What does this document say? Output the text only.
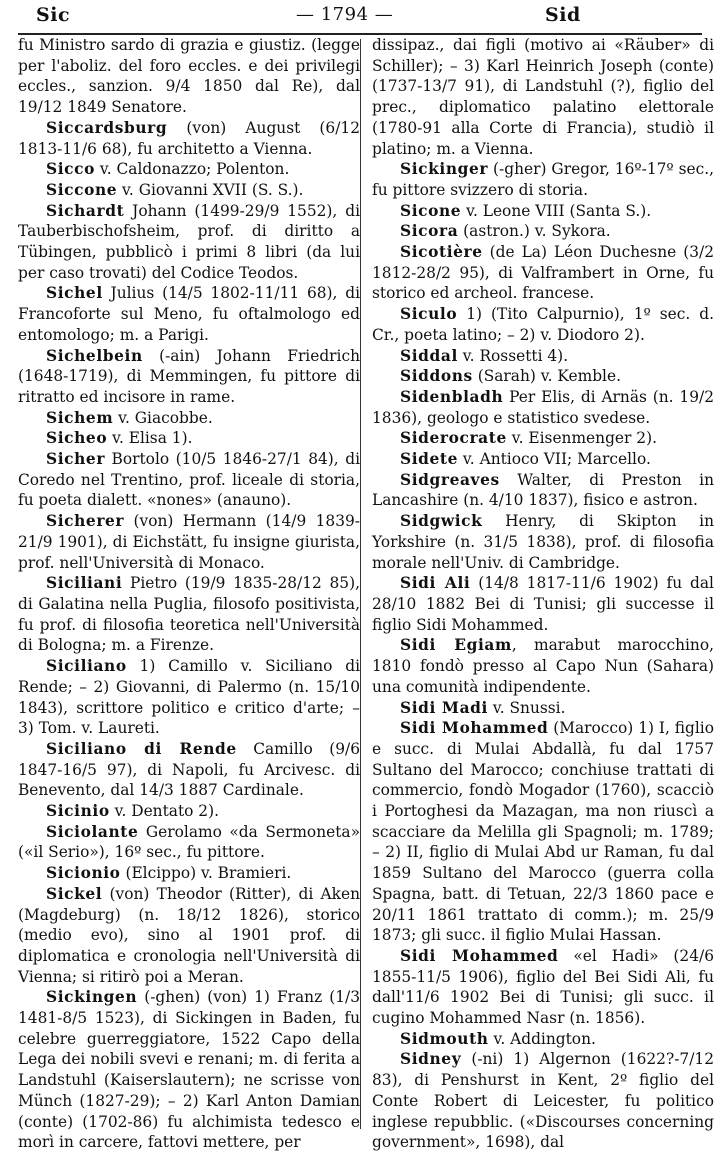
Sic	— 1794 —	Sid

fu Ministro sardo di grazia e giustiz. (legge per l'aboliz. del foro eccles. e dei privilegi eccles., sanzion. 9/4 1850 dal Re), dal 19/12 1849 Senatore.

Siccardsburg (von) August (6/12 1813-11/6 68), fu architetto a Vienna.

Sicco v. Caldonazzo; Polenton.

Siccone v. Giovanni XVII (S. S.).

Sichardt Johann (1499-29/9 1552), di Tauberbischofsheim, prof. di diritto a Tübingen, pubblicò i primi 8 libri (da lui per caso trovati) del Codice Teodos.

Sichel Julius (14/5 1802-11/11 68), di Francoforte sul Meno, fu oftalmologo ed entomologo; m. a Parigi.

Sichelbein (-ain) Johann Friedrich (1648-1719), di Memmingen, fu pittore di ritratto ed incisore in rame.

Sichem v. Giacobbe.

Sicheo v. Elisa 1).

Sicher Bortolo (10/5 1846-27/1 84), di Coredo nel Trentino, prof. liceale di storia, fu poeta dialett. «nones» (anauno).

Sicherer (von) Hermann (14/9 1839-21/9 1901), di Eichstätt, fu insigne giurista, prof. nell'Università di Monaco.

Siciliani Pietro (19/9 1835-28/12 85), di Galatina nella Puglia, filosofo positivista, fu prof. di filosofia teoretica nell'Università di Bologna; m. a Firenze.

Siciliano 1) Camillo v. Siciliano di Rende; – 2) Giovanni, di Palermo (n. 15/10 1843), scrittore politico e critico d'arte; – 3) Tom. v. Laureti.

Siciliano di Rende Camillo (9/6 1847-16/5 97), di Napoli, fu Arcivesc. di Benevento, dal 14/3 1887 Cardinale.

Sicinio v. Dentato 2).

Siciolante Gerolamo «da Sermoneta» («il Serio»), 16º sec., fu pittore.

Sicionio (Elcippo) v. Bramieri.

Sickel (von) Theodor (Ritter), di Aken (Magdeburg) (n. 18/12 1826), storico (medio evo), sino al 1901 prof. di diplomatica e cronologia nell'Università di Vienna; si ritirò poi a Meran.

Sickingen (-ghen) (von) 1) Franz (1/3 1481-8/5 1523), di Sickingen in Baden, fu celebre guerreggiatore, 1522 Capo della Lega dei nobili svevi e renani; m. di ferita a Landstuhl (Kaiserslautern); ne scrisse von Münch (1827-29); – 2) Karl Anton Damian (conte) (1702-86) fu alchimista tedesco e morì in carcere, fattovi mettere, per

dissipaz., dai figli (motivo ai «Räuber» di Schiller); – 3) Karl Heinrich Joseph (conte) (1737-13/7 91), di Landstuhl (?), figlio del prec., diplomatico palatino elettorale (1780-91 alla Corte di Francia), studiò il platino; m. a Vienna.

Sickinger (-gher) Gregor, 16º-17º sec., fu pittore svizzero di storia.

Sicone v. Leone VIII (Santa S.).

Sicora (astron.) v. Sykora.

Sicotière (de La) Léon Duchesne (3/2 1812-28/2 95), di Valframbert in Orne, fu storico ed archeol. francese.

Siculo 1) (Tito Calpurnio), 1º sec. d. Cr., poeta latino; – 2) v. Diodoro 2).

Siddal v. Rossetti 4).

Siddons (Sarah) v. Kemble.

Sidenbladh Per Elis, di Arnäs (n. 19/2 1836), geologo e statistico svedese.

Siderocrate v. Eisenmenger 2).

Sidete v. Antioco VII; Marcello.

Sidgreaves Walter, di Preston in Lancashire (n. 4/10 1837), fisico e astron.

Sidgwick Henry, di Skipton in Yorkshire (n. 31/5 1838), prof. di filosofia morale nell'Univ. di Cambridge.

Sidi Ali (14/8 1817-11/6 1902) fu dal 28/10 1882 Bei di Tunisi; gli successe il figlio Sidi Mohammed.

Sidi Egiam, marabut marocchino, 1810 fondò presso al Capo Nun (Sahara) una comunità indipendente.

Sidi Madi v. Snussi.

Sidi Mohammed (Marocco) 1) I, figlio e succ. di Mulai Abdallà, fu dal 1757 Sultano del Marocco; conchiuse trattati di commercio, fondò Mogador (1760), scacciò i Portoghesi da Mazagan, ma non riuscì a scacciare da Melilla gli Spagnoli; m. 1789; – 2) II, figlio di Mulai Abd ur Raman, fu dal 1859 Sultano del Marocco (guerra colla Spagna, batt. di Tetuan, 22/3 1860 pace e 20/11 1861 trattato di comm.); m. 25/9 1873; gli succ. il figlio Mulai Hassan.

Sidi Mohammed «el Hadi» (24/6 1855-11/5 1906), figlio del Bei Sidi Ali, fu dall'11/6 1902 Bei di Tunisi; gli succ. il cugino Mohammed Nasr (n. 1856).

Sidmouth v. Addington.

Sidney (-ni) 1) Algernon (1622?-7/12 83), di Penshurst in Kent, 2º figlio del Conte Robert di Leicester, fu politico inglese repubblic. («Discourses concerning government», 1698), dal
